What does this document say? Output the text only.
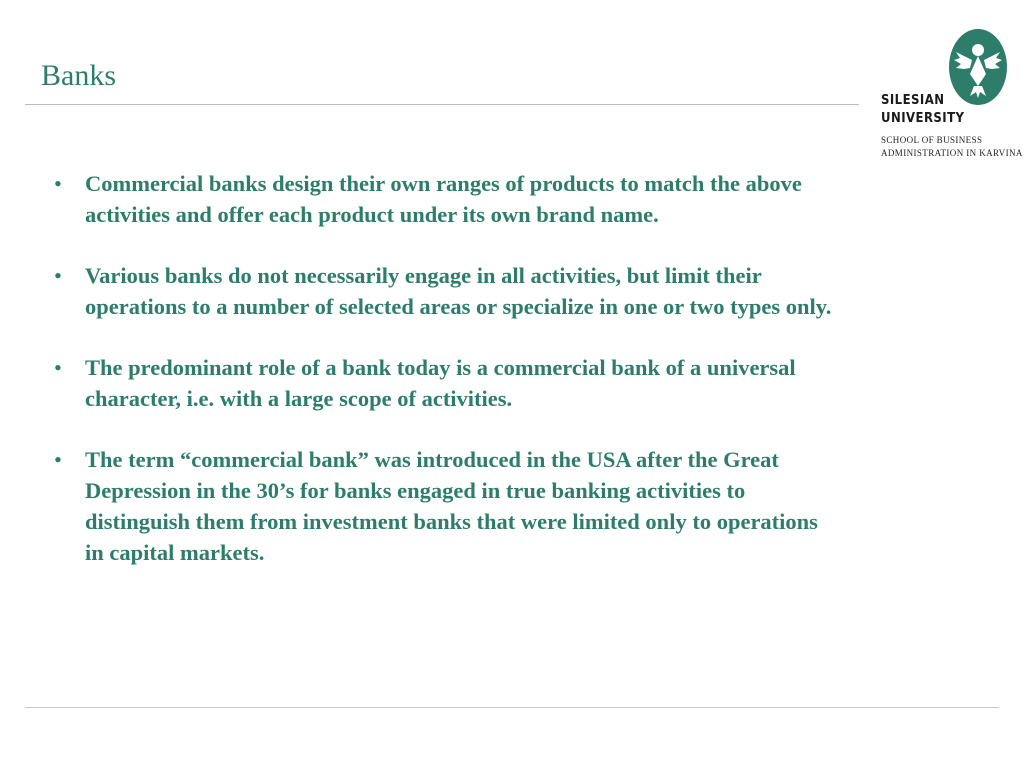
Banks
SILESIAN
UNIVERSITY
SCHOOL OF BUSINESS
ADMINISTRATION IN KARVINA
• Commercial banks design their own ranges of products to match the above activities and offer each product under its own brand name.
• Various banks do not necessarily engage in all activities, but limit their operations to a number of selected areas or specialize in one or two types only.
• The predominant role of a bank today is a commercial bank of a universal character, i.e. with a large scope of activities.
• The term “commercial bank” was introduced in the USA after the Great Depression in the 30’s for banks engaged in true banking activities to distinguish them from investment banks that were limited only to operations in capital markets.
